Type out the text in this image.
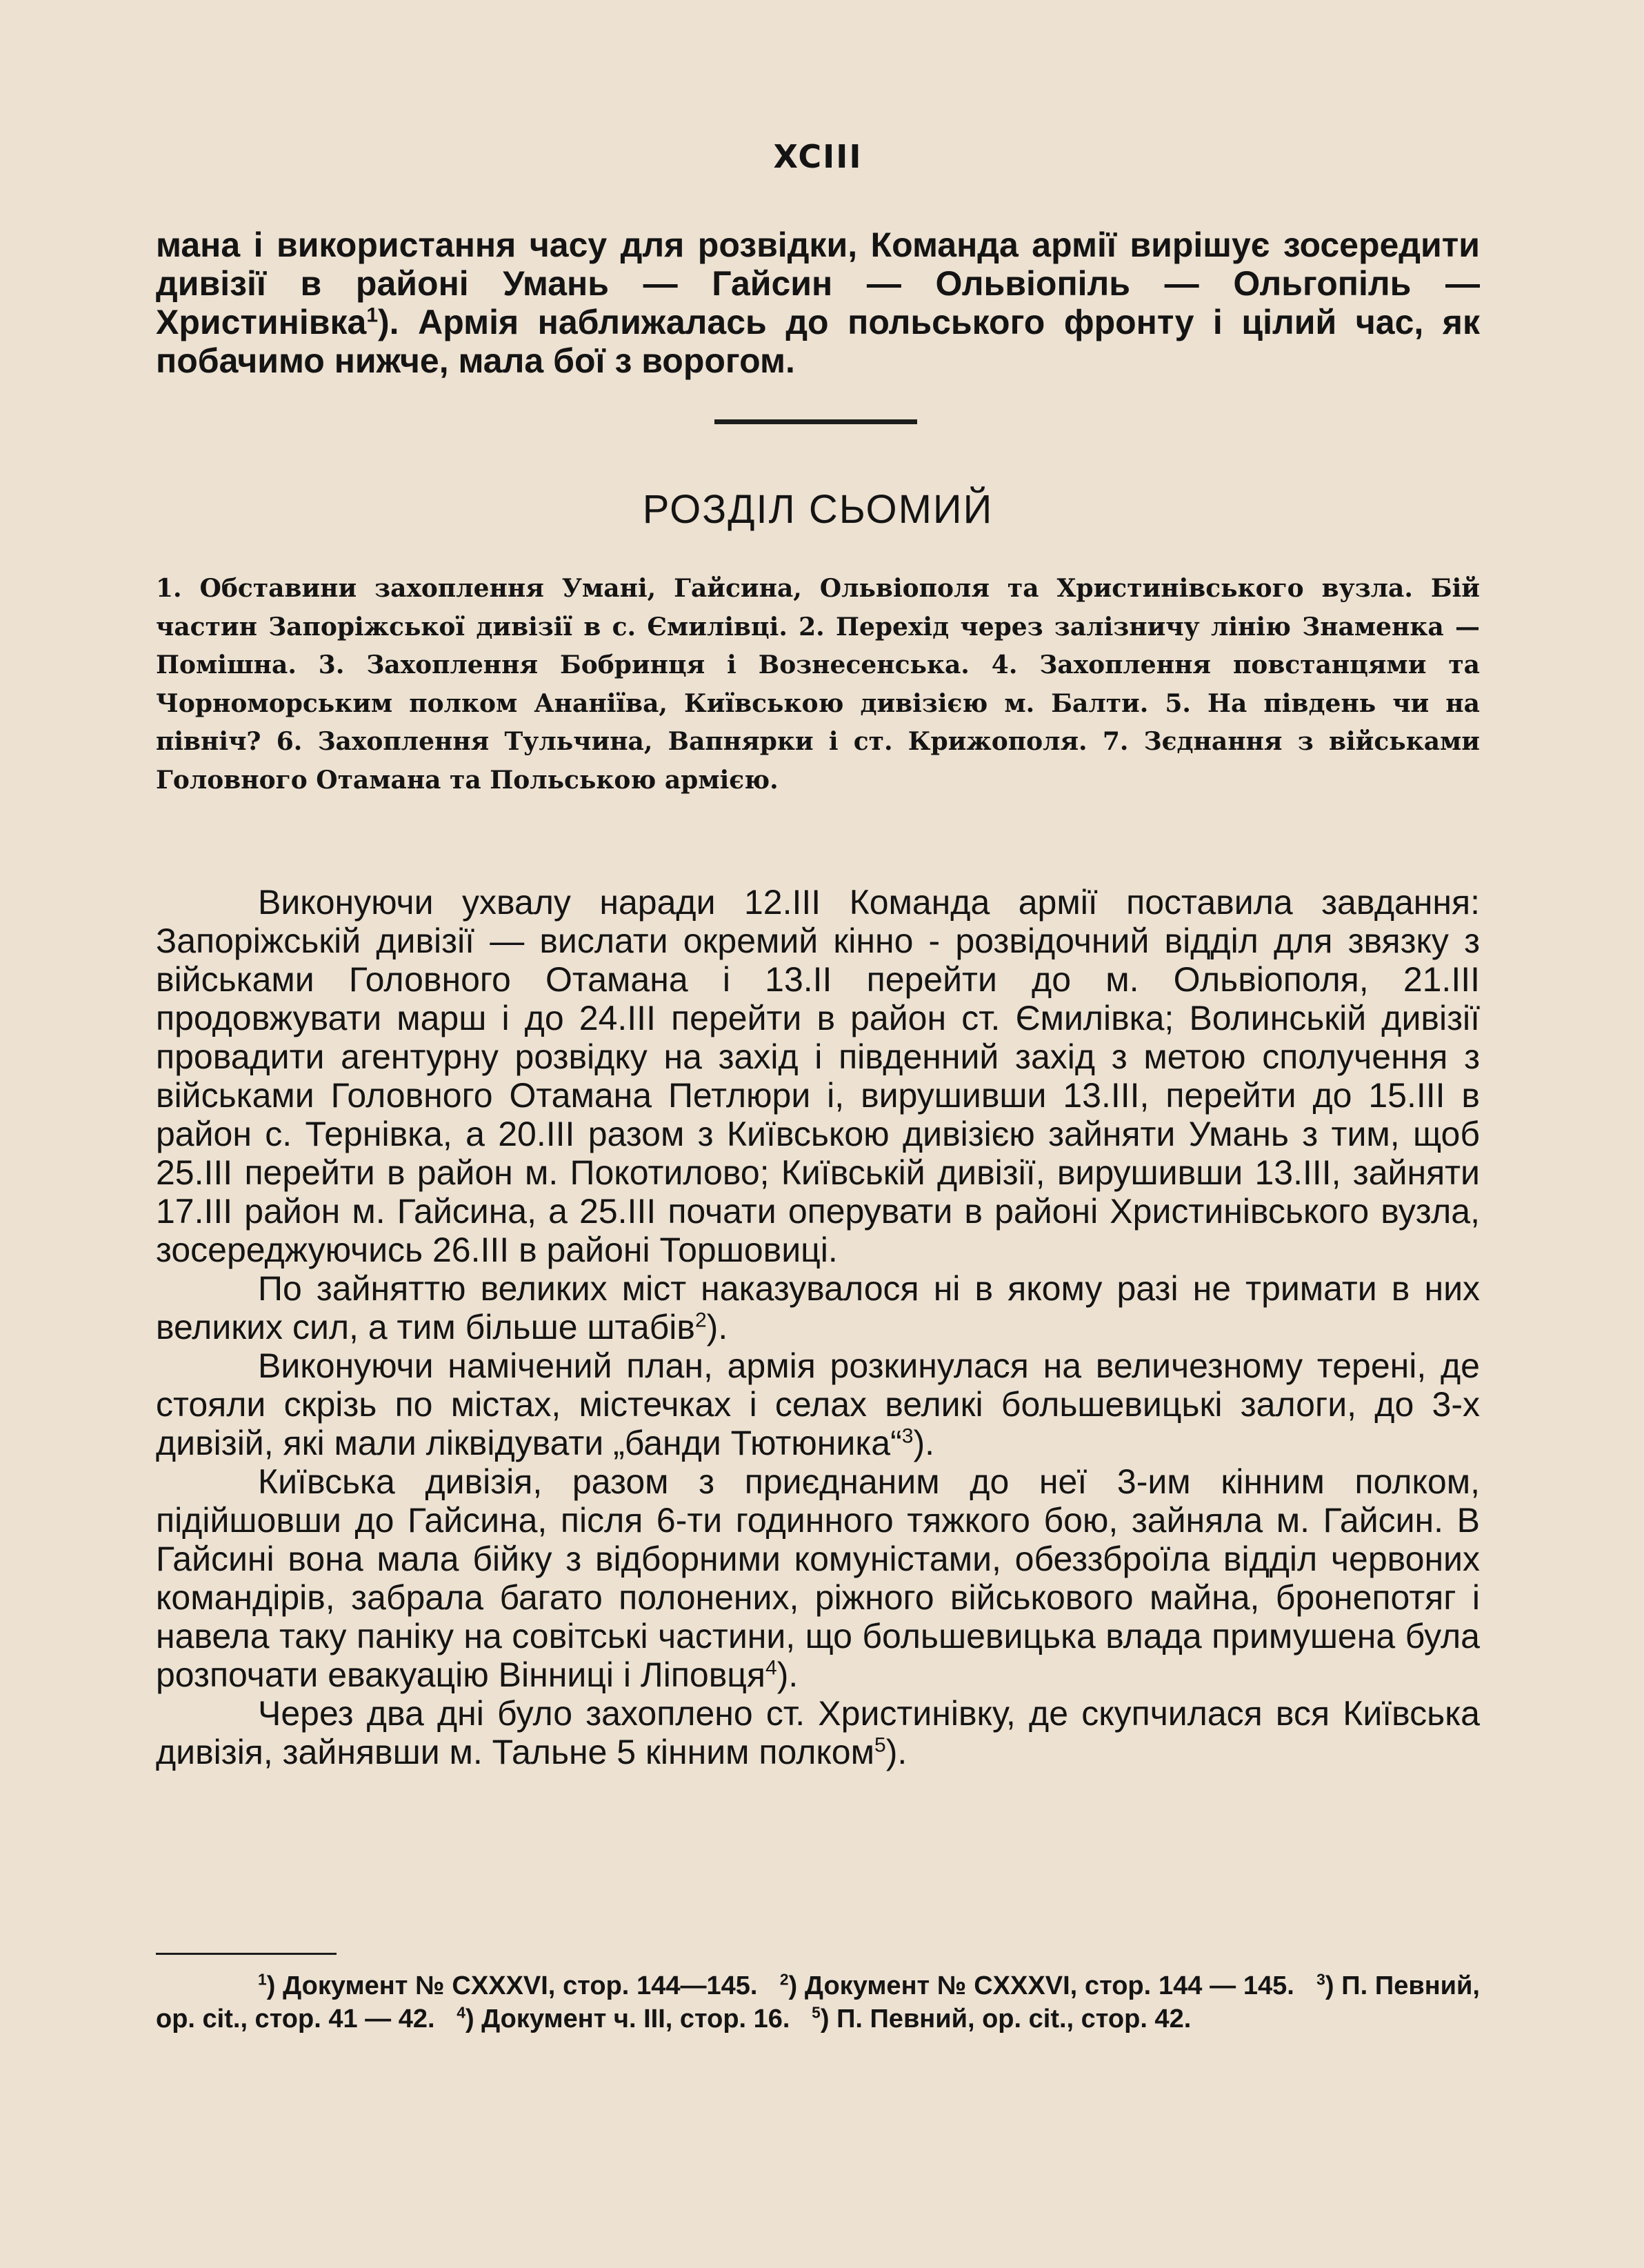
XCIII

мана і використання часу для розвідки, Команда армії вирішує зосередити дивізії в районі Умань — Гайсин — Ольвіопіль — Ольгопіль — Христинівка$^1$). Армія наближалась до польського фронту і цілий час, як побачимо нижче, мала бої з ворогом.

РОЗДІЛ СЬОМИЙ

1. Обставини захоплення Умані, Гайсина, Ольвіополя та Христинівського вузла. Бій частин Запоріжської дивізії в с. Ємилівці. 2. Перехід через залізничу лінію Знаменка — Помішна. 3. Захоплення Бобринця і Вознесенська. 4. Захоплення повстанцями та Чорноморським полком Ананіїва, Київською дивізією м. Балти. 5. На південь чи на північ? 6. Захоплення Тульчина, Вапнярки і ст. Крижополя. 7. Зєднання з військами Головного Отамана та Польською армією.

Виконуючи ухвалу наради 12.III Команда армії поставила завдання: Запоріжській дивізії — вислати окремий кінно - розвідочний відділ для звязку з військами Головного Отамана і 13.II перейти до м. Ольвіополя, 21.III продовжувати марш і до 24.III перейти в район ст. Ємилівка; Волинській дивізії провадити агентурну розвідку на захід і південний захід з метою сполучення з військами Головного Отамана Петлюри і, вирушивши 13.III, перейти до 15.III в район с. Тернівка, а 20.III разом з Київською дивізією зайняти Умань з тим, щоб 25.III перейти в район м. Покотилово; Київській дивізії, вирушивши 13.III, зайняти 17.III район м. Гайсина, а 25.III почати оперувати в районі Христинівського вузла, зосереджуючись 26.III в районі Торшовиці.

По зайняттю великих міст наказувалося ні в якому разі не тримати в них великих сил, а тим більше штабів$^2$).

Виконуючи намічений план, армія розкинулася на величезному терені, де стояли скрізь по містах, містечках і селах великі большевицькі залоги, до 3-х дивізій, які мали ліквідувати „банди Тютюника“$^3$).

Київська дивізія, разом з приєднаним до неї 3-им кінним полком, підійшовши до Гайсина, після 6-ти годинного тяжкого бою, зайняла м. Гайсин. В Гайсині вона мала бійку з відборними комуністами, обеззброїла відділ червоних командірів, забрала багато полонених, ріжного військового майна, бронепотяг і навела таку паніку на совітські частини, що большевицька влада примушена була розпочати евакуацію Вінниці і Ліповця$^4$).

Через два дні було захоплено ст. Христинівку, де скупчилася вся Київська дивізія, зайнявши м. Тальне 5 кінним полком$^5$).

$^1$) Документ № CXXXVI, стор. 144—145. $^2$) Документ № CXXXVI, стор. 144 — 145. $^3$) П. Певний, op. cit., стор. 41 — 42. $^4$) Документ ч. III, стор. 16. $^5$) П. Певний, op. cit., стор. 42.
